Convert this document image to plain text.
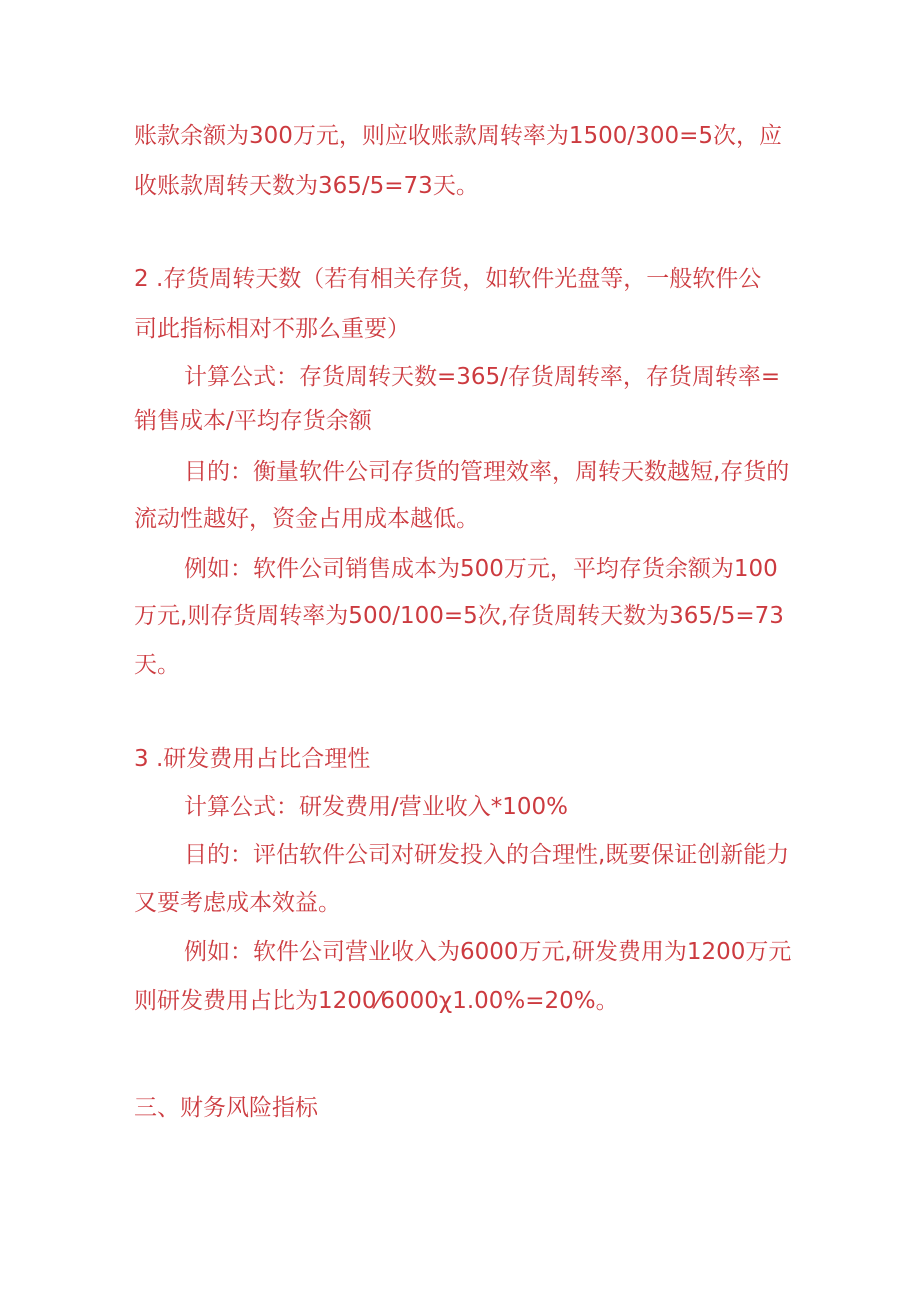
账款余额为300万元，则应收账款周转率为1500/300=5次，应
收账款周转天数为365/5=73天。
2 .存货周转天数（若有相关存货，如软件光盘等，一般软件公
司此指标相对不那么重要）
计算公式：存货周转天数=365/存货周转率，存货周转率=
销售成本/平均存货余额
目的：衡量软件公司存货的管理效率，周转天数越短,存货的
流动性越好，资金占用成本越低。
例如：软件公司销售成本为500万元，平均存货余额为100
万元,则存货周转率为500/100=5次,存货周转天数为365/5=73
天。
3 .研发费用占比合理性
计算公式：研发费用/营业收入*100%
目的：评估软件公司对研发投入的合理性,既要保证创新能力
又要考虑成本效益。
例如：软件公司营业收入为6000万元,研发费用为1200万元
则研发费用占比为1200⁄6000χ1.00%=20%。
三、财务风险指标
